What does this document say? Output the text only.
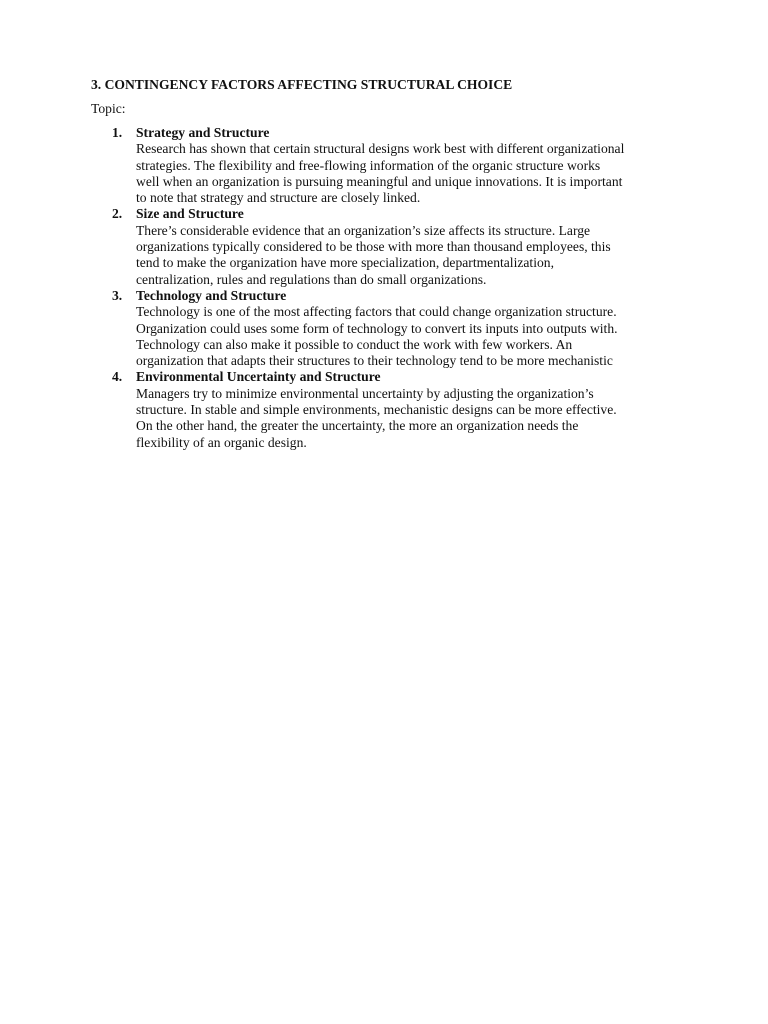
3. CONTINGENCY FACTORS AFFECTING STRUCTURAL CHOICE
Topic:
1. Strategy and Structure
Research has shown that certain structural designs work best with different organizational
strategies. The flexibility and free-flowing information of the organic structure works
well when an organization is pursuing meaningful and unique innovations. It is important
to note that strategy and structure are closely linked.
2. Size and Structure
There’s considerable evidence that an organization’s size affects its structure. Large
organizations typically considered to be those with more than thousand employees, this
tend to make the organization have more specialization, departmentalization,
centralization, rules and regulations than do small organizations.
3. Technology and Structure
Technology is one of the most affecting factors that could change organization structure.
Organization could uses some form of technology to convert its inputs into outputs with.
Technology can also make it possible to conduct the work with few workers. An
organization that adapts their structures to their technology tend to be more mechanistic
4. Environmental Uncertainty and Structure
Managers try to minimize environmental uncertainty by adjusting the organization’s
structure. In stable and simple environments, mechanistic designs can be more effective.
On the other hand, the greater the uncertainty, the more an organization needs the
flexibility of an organic design.
